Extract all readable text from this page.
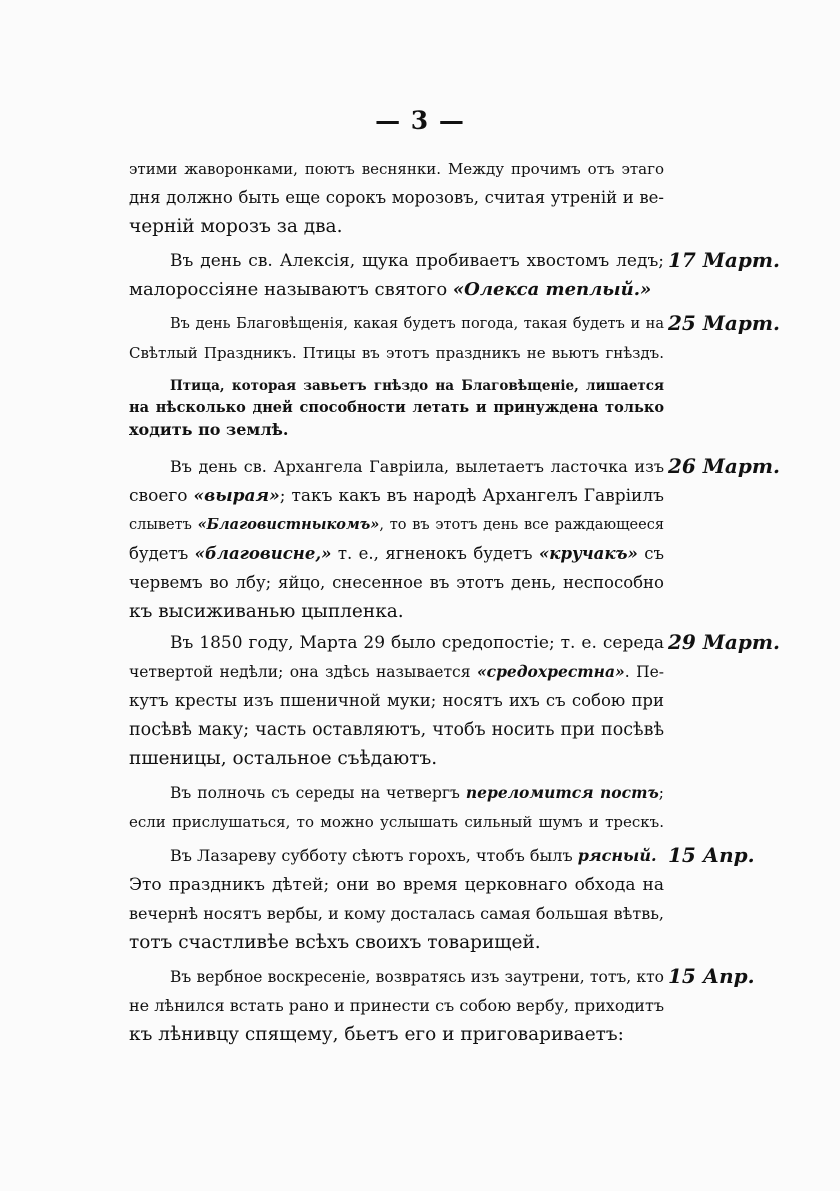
— 3 —
этими жаворонками, поютъ веснянки. Между прочимъ отъ этаго
дня должно быть еще сорокъ морозовъ, считая утренiй и ве-
черній морозъ за два.
Въ день св. Алексія, щука пробиваетъ хвостомъ ледъ; 17 Март.
малороссіяне называютъ святого «Олекса теплый.»
Въ день Благовѣщенія, какая будетъ погода, такая будетъ и на 25 Март.
Свѣтлый Праздникъ. Птицы въ этотъ праздникъ не вьютъ гнѣздъ.
Птица, которая завьетъ гнѣздо на Благовѣщеніе, лишается
на нѣсколько дней способности летать и принуждена только
ходить по землѣ.
Въ день св. Архангела Гавріила, вылетаетъ ласточка изъ 26 Март.
своего «вырая»; такъ какъ въ народѣ Архангелъ Гавріилъ
слыветъ «Благовистныкомъ», то въ этотъ день все раждающееся
будетъ «благовисне,» т. е., ягненокъ будетъ «кручакъ» съ
червемъ во лбу; яйцо, снесенное въ этотъ день, неспособно
къ высиживанью цыпленка.
Въ 1850 году, Марта 29 было средопостіе; т. е. середа 29 Март.
четвертой недѣли; она здѣсь называется «средохрестна». Пе-
кутъ кресты изъ пшеничной муки; носятъ ихъ съ собою при
посѣвѣ маку; часть оставляютъ, чтобъ носить при посѣвѣ
пшеницы, остальное съѣдаютъ.
Въ полночь съ середы на четвергъ переломится постъ;
если прислушаться, то можно услышать сильный шумъ и трескъ.
Въ Лазареву субботу сѣютъ горохъ, чтобъ былъ рясный. 15 Апр.
Это праздникъ дѣтей; они во время церковнаго обхода на
вечернѣ носятъ вербы, и кому досталась самая большая вѣтвь,
тотъ счастливѣе всѣхъ своихъ товарищей.
Въ вербное воскресеніе, возвратясь изъ заутрени, тотъ, кто 15 Апр.
не лѣнился встать рано и принести съ собою вербу, приходитъ
къ лѣнивцу спящему, бьетъ его и приговариваетъ:
